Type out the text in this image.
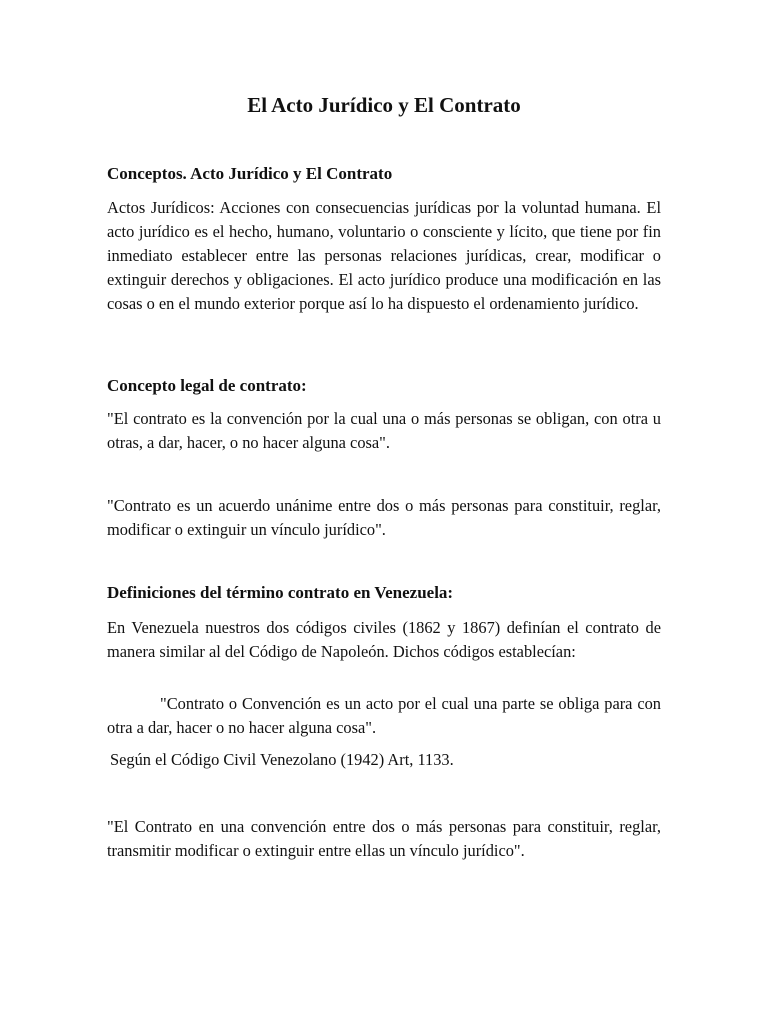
El Acto Jurídico y El Contrato
Conceptos. Acto Jurídico y El Contrato

Actos Jurídicos: Acciones con consecuencias jurídicas por la voluntad humana. El acto jurídico es el hecho, humano, voluntario o consciente y lícito, que tiene por fin inmediato establecer entre las personas relaciones jurídicas, crear, modificar o extinguir derechos y obligaciones. El acto jurídico produce una modificación en las cosas o en el mundo exterior porque así lo ha dispuesto el ordenamiento jurídico.

Concepto legal de contrato:

"El contrato es la convención por la cual una o más personas se obligan, con otra u otras, a dar, hacer, o no hacer alguna cosa".

"Contrato es un acuerdo unánime entre dos o más personas para constituir, reglar, modificar o extinguir un vínculo jurídico".

Definiciones del término contrato en Venezuela:

En Venezuela nuestros dos códigos civiles (1862 y 1867) definían el contrato de manera similar al del Código de Napoleón. Dichos códigos establecían:

"Contrato o Convención es un acto por el cual una parte se obliga para con otra a dar, hacer o no hacer alguna cosa".

Según el Código Civil Venezolano (1942) Art, 1133.

"El Contrato en una convención entre dos o más personas para constituir, reglar, transmitir modificar o extinguir entre ellas un vínculo jurídico".
